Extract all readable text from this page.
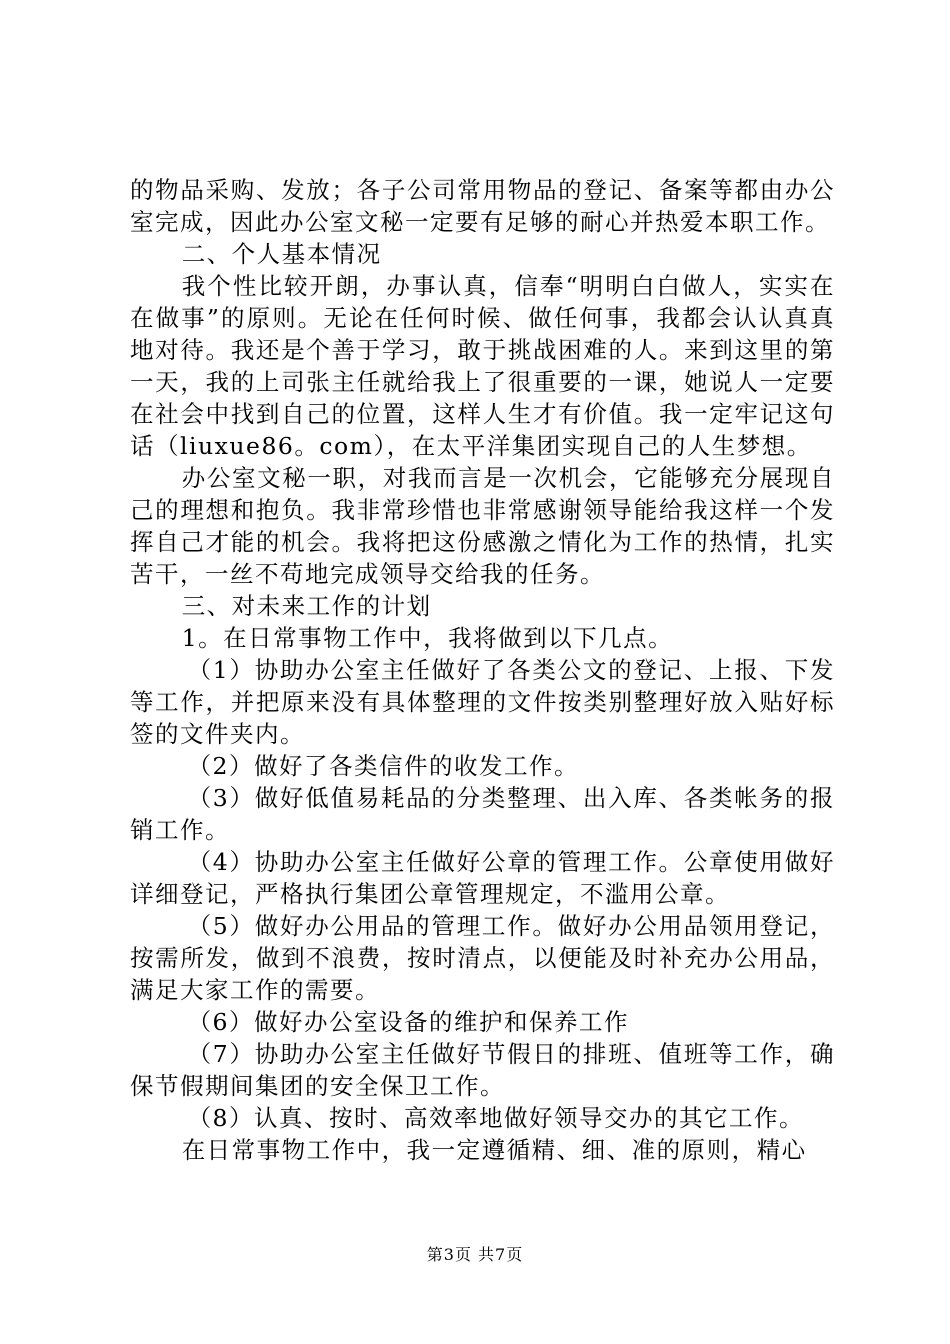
的物品采购、发放；各子公司常用物品的登记、备案等都由办公室完成，因此办公室文秘一定要有足够的耐心并热爱本职工作。

二、个人基本情况

我个性比较开朗，办事认真，信奉“明明白白做人，实实在在做事”的原则。无论在任何时候、做任何事，我都会认认真真地对待。我还是个善于学习，敢于挑战困难的人。来到这里的第一天，我的上司张主任就给我上了很重要的一课，她说人一定要在社会中找到自己的位置，这样人生才有价值。我一定牢记这句话（liuxue86。com），在太平洋集团实现自己的人生梦想。

办公室文秘一职，对我而言是一次机会，它能够充分展现自己的理想和抱负。我非常珍惜也非常感谢领导能给我这样一个发挥自己才能的机会。我将把这份感激之情化为工作的热情，扎实苦干，一丝不苟地完成领导交给我的任务。

三、对未来工作的计划

1。在日常事物工作中，我将做到以下几点。

（1）协助办公室主任做好了各类公文的登记、上报、下发等工作，并把原来没有具体整理的文件按类别整理好放入贴好标签的文件夹内。

（2）做好了各类信件的收发工作。

（3）做好低值易耗品的分类整理、出入库、各类帐务的报销工作。

（4）协助办公室主任做好公章的管理工作。公章使用做好详细登记，严格执行集团公章管理规定，不滥用公章。

（5）做好办公用品的管理工作。做好办公用品领用登记，按需所发，做到不浪费，按时清点，以便能及时补充办公用品，满足大家工作的需要。

（6）做好办公室设备的维护和保养工作

（7）协助办公室主任做好节假日的排班、值班等工作，确保节假期间集团的安全保卫工作。

（8）认真、按时、高效率地做好领导交办的其它工作。

在日常事物工作中，我一定遵循精、细、准的原则，精心

第3页 共7页
